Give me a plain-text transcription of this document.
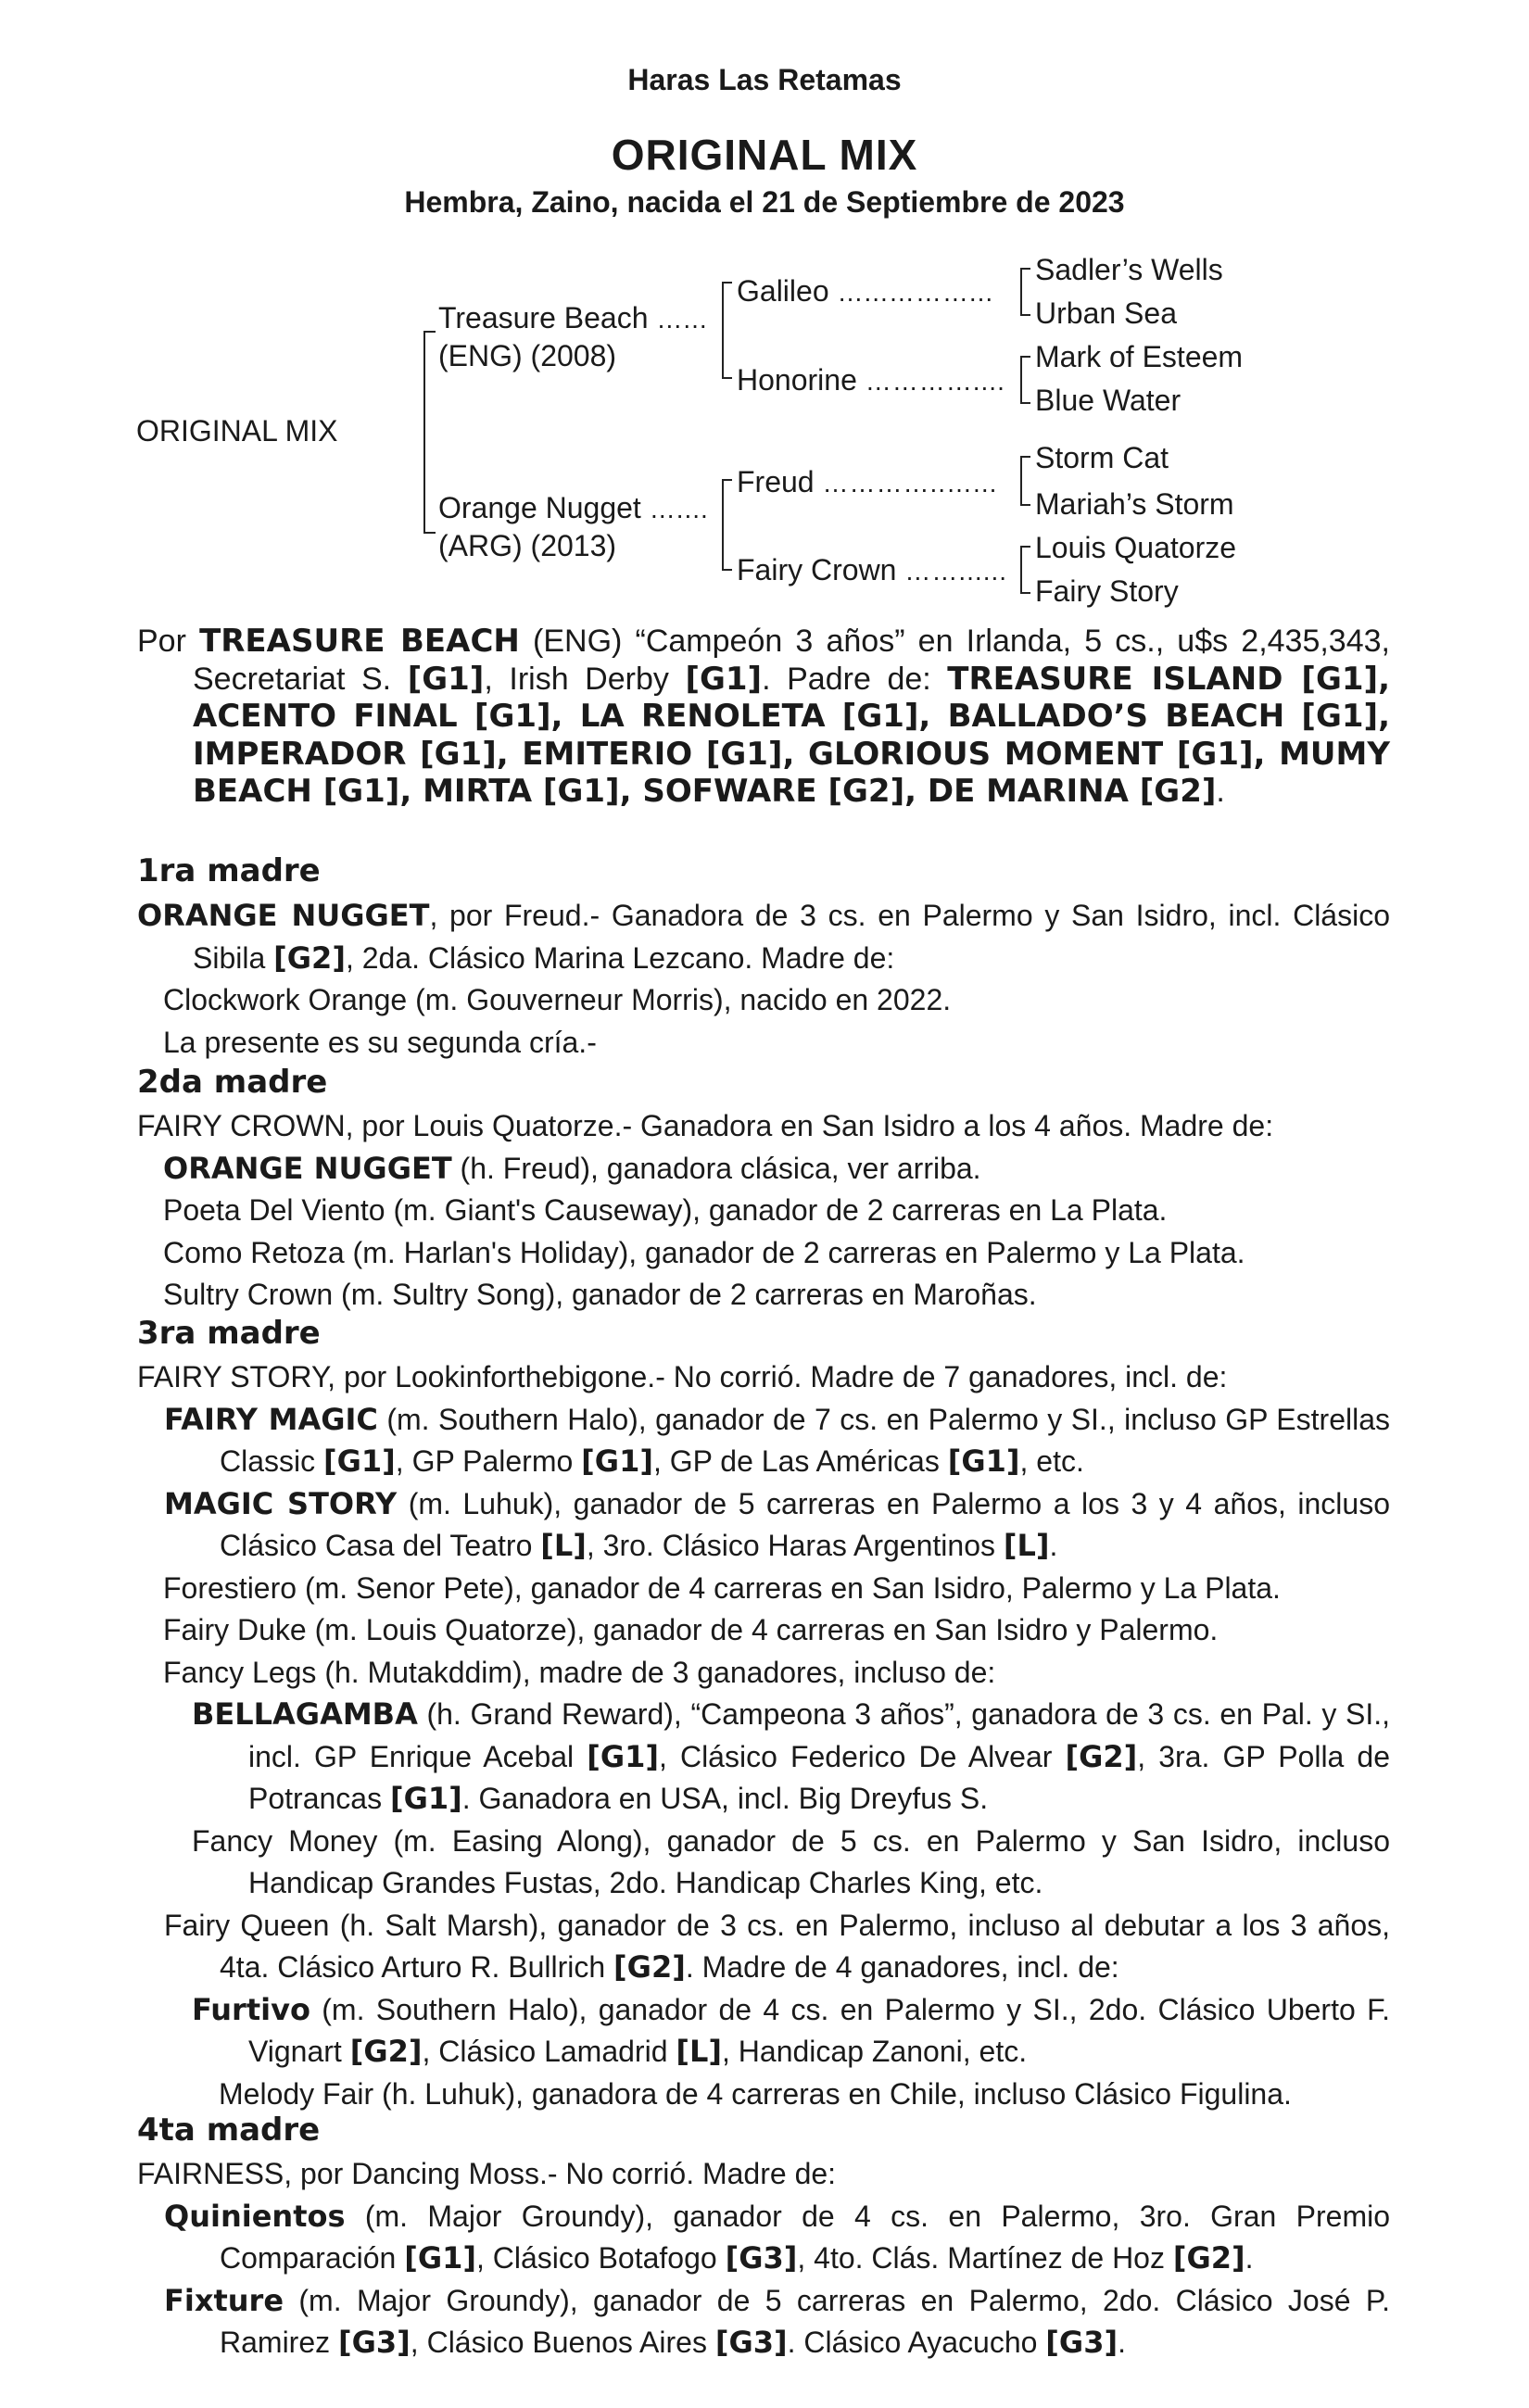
Haras Las Retamas
ORIGINAL MIX
Hembra, Zaino, nacida el 21 de Septiembre de 2023
ORIGINAL MIX
Treasure Beach …...
(ENG) (2008)
Orange Nugget …....
(ARG) (2013)
Galileo …...………...
Honorine …………....
Freud …………..…...
Fairy Crown ……......
Sadler’s Wells
Urban Sea
Mark of Esteem
Blue Water
Storm Cat
Mariah’s Storm
Louis Quatorze
Fairy Story

Por TREASURE BEACH (ENG) “Campeón 3 años” en Irlanda, 5 cs., u$s 2,435,343, Secretariat S. [G1], Irish Derby [G1]. Padre de: TREASURE ISLAND [G1], ACENTO FINAL [G1], LA RENOLETA [G1], BALLADO’S BEACH [G1], IMPERADOR [G1], EMITERIO [G1], GLORIOUS MOMENT [G1], MUMY BEACH [G1], MIRTA [G1], SOFWARE [G2], DE MARINA [G2].

1ra madre

ORANGE NUGGET, por Freud.- Ganadora de 3 cs. en Palermo y San Isidro, incl. Clásico Sibila [G2], 2da. Clásico Marina Lezcano. Madre de:

Clockwork Orange (m. Gouverneur Morris), nacido en 2022.

La presente es su segunda cría.-

2da madre

FAIRY CROWN, por Louis Quatorze.- Ganadora en San Isidro a los 4 años. Madre de:

ORANGE NUGGET (h. Freud), ganadora clásica, ver arriba.

Poeta Del Viento (m. Giant's Causeway), ganador de 2 carreras en La Plata.

Como Retoza (m. Harlan's Holiday), ganador de 2 carreras en Palermo y La Plata.

Sultry Crown (m. Sultry Song), ganador de 2 carreras en Maroñas.

3ra madre

FAIRY STORY, por Lookinforthebigone.- No corrió. Madre de 7 ganadores, incl. de:

FAIRY MAGIC (m. Southern Halo), ganador de 7 cs. en Palermo y SI., incluso GP Estrellas Classic [G1], GP Palermo [G1], GP de Las Américas [G1], etc.

MAGIC STORY (m. Luhuk), ganador de 5 carreras en Palermo a los 3 y 4 años, incluso Clásico Casa del Teatro [L], 3ro. Clásico Haras Argentinos [L].

Forestiero (m. Senor Pete), ganador de 4 carreras en San Isidro, Palermo y La Plata.

Fairy Duke (m. Louis Quatorze), ganador de 4 carreras en San Isidro y Palermo.

Fancy Legs (h. Mutakddim), madre de 3 ganadores, incluso de:

BELLAGAMBA (h. Grand Reward), “Campeona 3 años”, ganadora de 3 cs. en Pal. y SI., incl. GP Enrique Acebal [G1], Clásico Federico De Alvear [G2], 3ra. GP Polla de Potrancas [G1]. Ganadora en USA, incl. Big Dreyfus S.

Fancy Money (m. Easing Along), ganador de 5 cs. en Palermo y San Isidro, incluso Handicap Grandes Fustas, 2do. Handicap Charles King, etc.

Fairy Queen (h. Salt Marsh), ganador de 3 cs. en Palermo, incluso al debutar a los 3 años, 4ta. Clásico Arturo R. Bullrich [G2]. Madre de 4 ganadores, incl. de:

Furtivo (m. Southern Halo), ganador de 4 cs. en Palermo y SI., 2do. Clásico Uberto F. Vignart [G2], Clásico Lamadrid [L], Handicap Zanoni, etc.

Melody Fair (h. Luhuk), ganadora de 4 carreras en Chile, incluso Clásico Figulina.

4ta madre

FAIRNESS, por Dancing Moss.- No corrió. Madre de:

Quinientos (m. Major Groundy), ganador de 4 cs. en Palermo, 3ro. Gran Premio Comparación [G1], Clásico Botafogo [G3], 4to. Clás. Martínez de Hoz [G2].

Fixture (m. Major Groundy), ganador de 5 carreras en Palermo, 2do. Clásico José P. Ramirez [G3], Clásico Buenos Aires [G3]. Clásico Ayacucho [G3].
